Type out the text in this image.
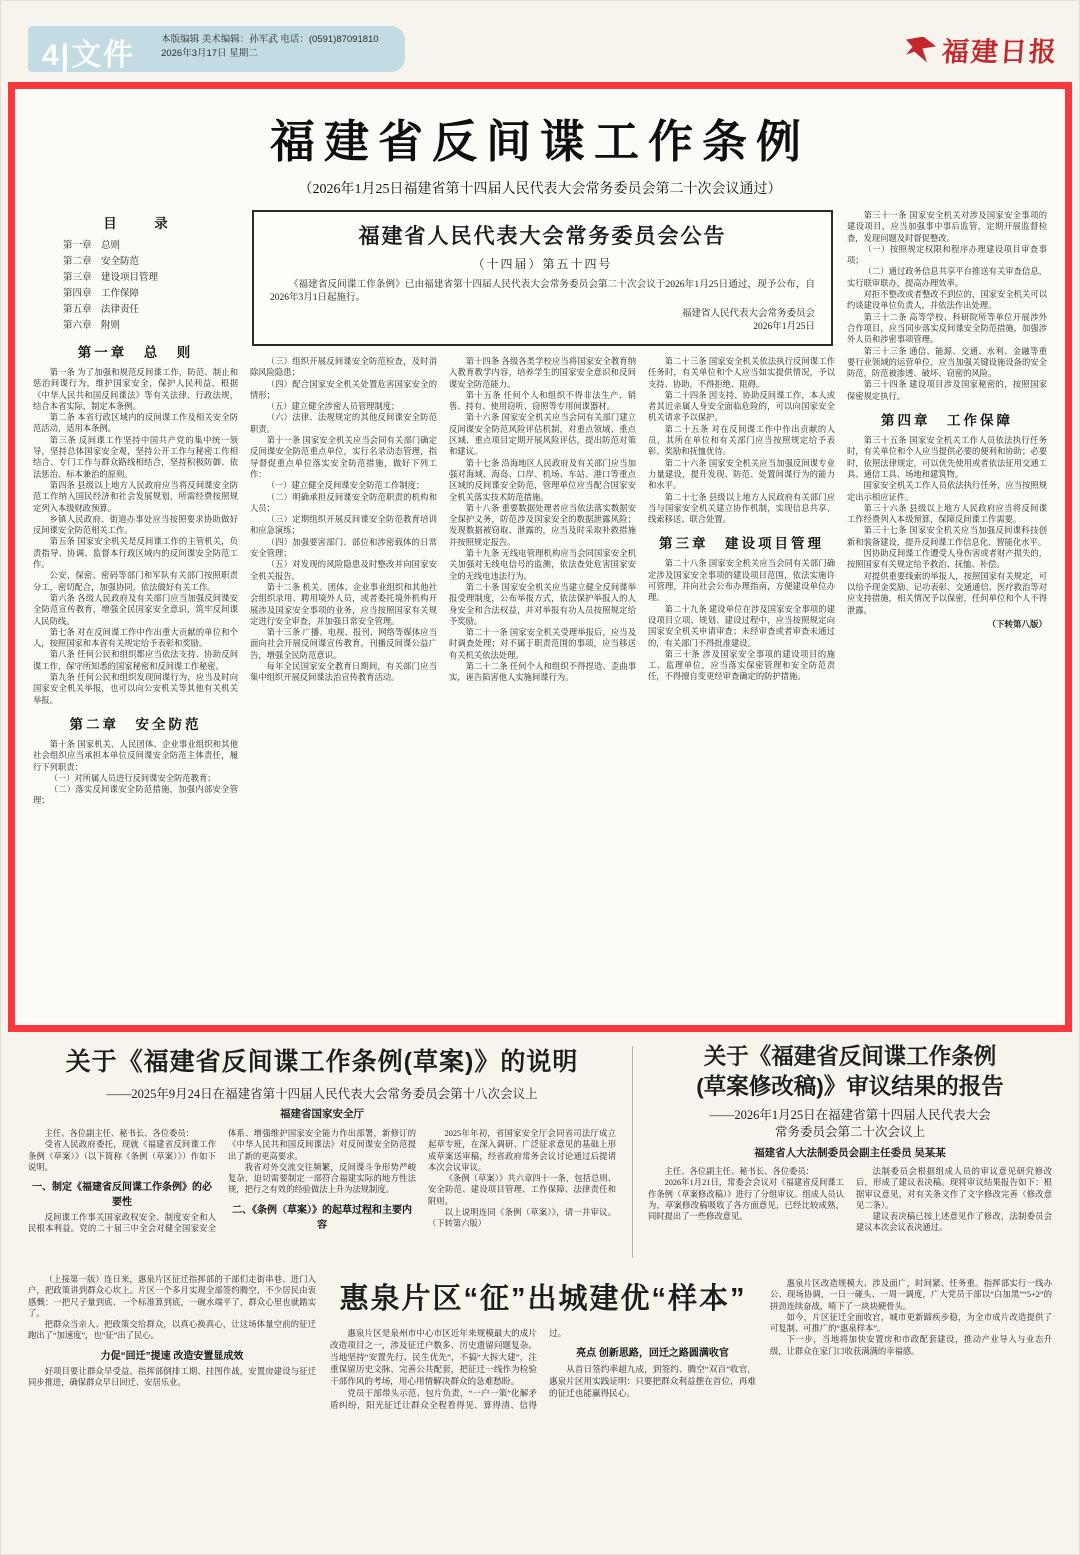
4|文件	本版编辑 美术编辑：孙军武 电话：(0591)87091810
2026年3月17日 星期二	福建日报
福建省反间谍工作条例
（2026年1月25日福建省第十四届人民代表大会常务委员会第二十次会议通过）
目　录

第一章　总则

第二章　安全防范

第三章　建设项目管理

第四章　工作保障

第五章　法律责任

第六章　附则

第一章　总　则

第一条 为了加强和规范反间谍工作，防范、制止和惩治间谍行为，维护国家安全，保护人民利益，根据《中华人民共和国反间谍法》等有关法律、行政法规，结合本省实际，制定本条例。

第二条 本省行政区域内的反间谍工作及相关安全防范活动，适用本条例。

第三条 反间谍工作坚持中国共产党的集中统一领导，坚持总体国家安全观，坚持公开工作与秘密工作相结合、专门工作与群众路线相结合，坚持积极防御、依法惩治、标本兼治的原则。

第四条 县级以上地方人民政府应当将反间谍安全防范工作纳入国民经济和社会发展规划，所需经费按照规定列入本级财政预算。

乡镇人民政府、街道办事处应当按照要求协助做好反间谍安全防范相关工作。

第五条 国家安全机关是反间谍工作的主管机关，负责指导、协调、监督本行政区域内的反间谍安全防范工作。

公安、保密、密码等部门和军队有关部门按照职责分工，密切配合，加强协同，依法做好有关工作。

第六条 各级人民政府及有关部门应当加强反间谍安全防范宣传教育，增强全民国家安全意识，筑牢反间谍人民防线。

第七条 对在反间谍工作中作出重大贡献的单位和个人，按照国家和本省有关规定给予表彰和奖励。

第八条 任何公民和组织都应当依法支持、协助反间谍工作，保守所知悉的国家秘密和反间谍工作秘密。

第九条 任何公民和组织发现间谍行为，应当及时向国家安全机关举报，也可以向公安机关等其他有关机关举报。

第二章　安全防范

第十条 国家机关、人民团体、企业事业组织和其他社会组织应当承担本单位反间谍安全防范主体责任，履行下列职责：

（一）对所属人员进行反间谍安全防范教育；

（二）落实反间谍安全防范措施，加强内部安全管理；

福建省人民代表大会常务委员会公告
（十四届）第五十四号
《福建省反间谍工作条例》已由福建省第十四届人民代表大会常务委员会第二十次会议于2026年1月25日通过，现予公布，自2026年3月1日起施行。
福建省人民代表大会常务委员会
2026年1月25日

（三）组织开展反间谍安全防范检查，及时消除风险隐患；

（四）配合国家安全机关处置危害国家安全的情形；

（五）建立健全涉密人员管理制度；

（六）法律、法规规定的其他反间谍安全防范职责。

第十一条 国家安全机关应当会同有关部门确定反间谍安全防范重点单位，实行名录动态管理，指导督促重点单位落实安全防范措施，做好下列工作：

（一）建立健全反间谍安全防范工作制度；

（二）明确承担反间谍安全防范职责的机构和人员；

（三）定期组织开展反间谍安全防范教育培训和应急演练；

（四）加强要害部门、部位和涉密载体的日常安全管理；

（五）对发现的风险隐患及时整改并向国家安全机关报告。

第十二条 机关、团体、企业事业组织和其他社会组织录用、聘用境外人员，或者委托境外机构开展涉及国家安全事项的业务，应当按照国家有关规定进行安全审查，并加强日常安全管理。

第十三条 广播、电视、报刊、网络等媒体应当面向社会开展反间谍宣传教育，刊播反间谍公益广告，增强全民防范意识。

每年全民国家安全教育日期间，有关部门应当集中组织开展反间谍法治宣传教育活动。

第十四条 各级各类学校应当将国家安全教育纳入教育教学内容，培养学生的国家安全意识和反间谍安全防范能力。

第十五条 任何个人和组织不得非法生产、销售、持有、使用窃听、窃照等专用间谍器材。

第十六条 国家安全机关应当会同有关部门建立反间谍安全防范风险评估机制，对重点领域、重点区域、重点项目定期开展风险评估，提出防范对策和建议。

第十七条 沿海地区人民政府及有关部门应当加强对海域、海岛、口岸、机场、车站、港口等重点区域的反间谍安全防范，管理单位应当配合国家安全机关落实技术防范措施。

第十八条 重要数据处理者应当依法落实数据安全保护义务，防范涉及国家安全的数据泄露风险；发现数据被窃取、泄露的，应当及时采取补救措施并按照规定报告。

第十九条 无线电管理机构应当会同国家安全机关加强对无线电信号的监测，依法查处危害国家安全的无线电违法行为。

第二十条 国家安全机关应当建立健全反间谍举报受理制度，公布举报方式，依法保护举报人的人身安全和合法权益，并对举报有功人员按照规定给予奖励。

第二十一条 国家安全机关受理举报后，应当及时调查处理；对不属于职责范围的事项，应当移送有关机关依法处理。

第二十二条 任何个人和组织不得捏造、歪曲事实，诬告陷害他人实施间谍行为。

第二十三条 国家安全机关依法执行反间谍工作任务时，有关单位和个人应当如实提供情况，予以支持、协助，不得拒绝、阻碍。

第二十四条 因支持、协助反间谍工作，本人或者其近亲属人身安全面临危险的，可以向国家安全机关请求予以保护。

第二十五条 对在反间谍工作中作出贡献的人员，其所在单位和有关部门应当按照规定给予表彰、奖励和抚恤优待。

第二十六条 国家安全机关应当加强反间谍专业力量建设，提升发现、防范、处置间谍行为的能力和水平。

第二十七条 县级以上地方人民政府有关部门应当与国家安全机关建立协作机制，实现信息共享、线索移送、联合处置。

第三章　建设项目管理

第二十八条 国家安全机关应当会同有关部门确定涉及国家安全事项的建设项目范围，依法实施许可管理，并向社会公布办理指南，方便建设单位办理。

第二十九条 建设单位在涉及国家安全事项的建设项目立项、规划、建设过程中，应当按照规定向国家安全机关申请审查；未经审查或者审查未通过的，有关部门不得批准建设。

第三十条 涉及国家安全事项的建设项目的施工、监理单位，应当落实保密管理和安全防范责任，不得擅自变更经审查确定的防护措施。

第三十一条 国家安全机关对涉及国家安全事项的建设项目，应当加强事中事后监管，定期开展监督检查，发现问题及时督促整改。

（一）按照规定权限和程序办理建设项目审查事项；

（二）通过政务信息共享平台推送有关审查信息，实行联审联办，提高办理效率。

对拒不整改或者整改不到位的，国家安全机关可以约谈建设单位负责人，并依法作出处理。

第三十二条 高等学校、科研院所等单位开展涉外合作项目，应当同步落实反间谍安全防范措施，加强涉外人员和涉密事项管理。

第三十三条 通信、能源、交通、水利、金融等重要行业领域的运营单位，应当加强关键设施设备的安全防范，防范被渗透、破坏、窃密的风险。

第三十四条 建设项目涉及国家秘密的，按照国家保密规定执行。

第四章　工作保障

第三十五条 国家安全机关工作人员依法执行任务时，有关单位和个人应当提供必要的便利和协助；必要时，依照法律规定，可以优先使用或者依法征用交通工具、通信工具、场地和建筑物。

国家安全机关工作人员依法执行任务，应当按照规定出示相应证件。

第三十六条 县级以上地方人民政府应当将反间谍工作经费列入本级预算，保障反间谍工作需要。

第三十七条 国家安全机关应当加强反间谍科技创新和装备建设，提升反间谍工作信息化、智能化水平。

因协助反间谍工作遭受人身伤害或者财产损失的，按照国家有关规定给予救治、抚恤、补偿。

对提供重要线索的举报人，按照国家有关规定，可以给予现金奖励、记功表彰、交通通信、医疗救治等对应支持措施，相关情况予以保密，任何单位和个人不得泄露。

（下转第八版）

关于《福建省反间谍工作条例(草案)》的说明
——2025年9月24日在福建省第十四届人民代表大会常务委员会第十八次会议上
福建省国家安全厅

主任、各位副主任、秘书长、各位委员：

受省人民政府委托，现就《福建省反间谍工作条例（草案）》（以下简称《条例（草案）》）作如下说明。

一、制定《福建省反间谍工作条例》的必要性

反间谍工作事关国家政权安全、制度安全和人民根本利益。党的二十届三中全会对健全国家安全体系、增强维护国家安全能力作出部署，新修订的《中华人民共和国反间谍法》对反间谍安全防范提出了新的更高要求。

我省对外交流交往频繁，反间谍斗争形势严峻复杂，迫切需要制定一部符合福建实际的地方性法规，把行之有效的经验做法上升为法规制度。

二、《条例（草案）》的起草过程和主要内容

2025年年初，省国家安全厅会同省司法厅成立起草专班，在深入调研、广泛征求意见的基础上形成草案送审稿，经省政府常务会议讨论通过后提请本次会议审议。

《条例（草案）》共六章四十一条，包括总则、安全防范、建设项目管理、工作保障、法律责任和附则。

以上说明连同《条例（草案）》，请一并审议。（下转第六版）

关于《福建省反间谍工作条例
(草案修改稿)》审议结果的报告
——2026年1月25日在福建省第十四届人民代表大会
常务委员会第二十次会议上
福建省人大法制委员会副主任委员 吴某某

主任、各位副主任、秘书长、各位委员：

2026年1月21日，常委会会议对《福建省反间谍工作条例（草案修改稿）》进行了分组审议。组成人员认为，草案修改稿吸收了各方面意见，已经比较成熟，同时提出了一些修改意见。

法制委员会根据组成人员的审议意见研究修改后，形成了建议表决稿。现将审议结果报告如下：根据审议意见，对有关条文作了文字修改完善（修改意见二条）。

建议表决稿已按上述意见作了修改，法制委员会建议本次会议表决通过。

（上接第一版）连日来，惠泉片区征迁指挥部的干部们走街串巷、进门入户，把政策讲到群众心坎上。片区一个多月实现全部签约腾空，不少居民由衷感慨：一把尺子量到底、一个标准算到底，一碗水端平了，群众心里也就踏实了。

把群众当亲人、把政策交给群众，以真心换真心，让这场体量空前的征迁跑出了“加速度”，也“征”出了民心。

力促“回迁”提速 改造安置显成效

好项目要让群众早受益。指挥部倒排工期、挂图作战，安置房建设与征迁同步推进，确保群众早日回迁、安居乐业。

惠泉片区“征”出城建优“样本”

惠泉片区是泉州市中心市区近年来规模最大的成片改造项目之一，涉及征迁户数多、历史遗留问题复杂。当地坚持“安置先行、民生优先”，不搞“大拆大建”，注重保留历史文脉、完善公共配套，把征迁一线作为检验干部作风的考场，用心用情解决群众的急难愁盼。

党员干部带头示范、包片负责，“一户一策”化解矛盾纠纷，阳光征迁让群众全程看得见、算得清、信得过。

亮点 创新思路，回迁之路圆满收官

从首日签约率超九成，到签约、腾空“双百”收官，惠泉片区用实践证明：只要把群众利益摆在首位，再难的征迁也能赢得民心。

惠泉片区改造规模大、涉及面广，时间紧、任务重。指挥部实行一线办公、现场协调，一日一碰头、一周一调度，广大党员干部以“白加黑”“5+2”的拼劲连续奋战，啃下了一块块硬骨头。

如今，片区征迁全面收官，城市更新蹄疾步稳，为全市成片改造提供了可复制、可推广的“惠泉样本”。

下一步，当地将加快安置房和市政配套建设，推动产业导入与业态升级，让群众在家门口收获满满的幸福感。
